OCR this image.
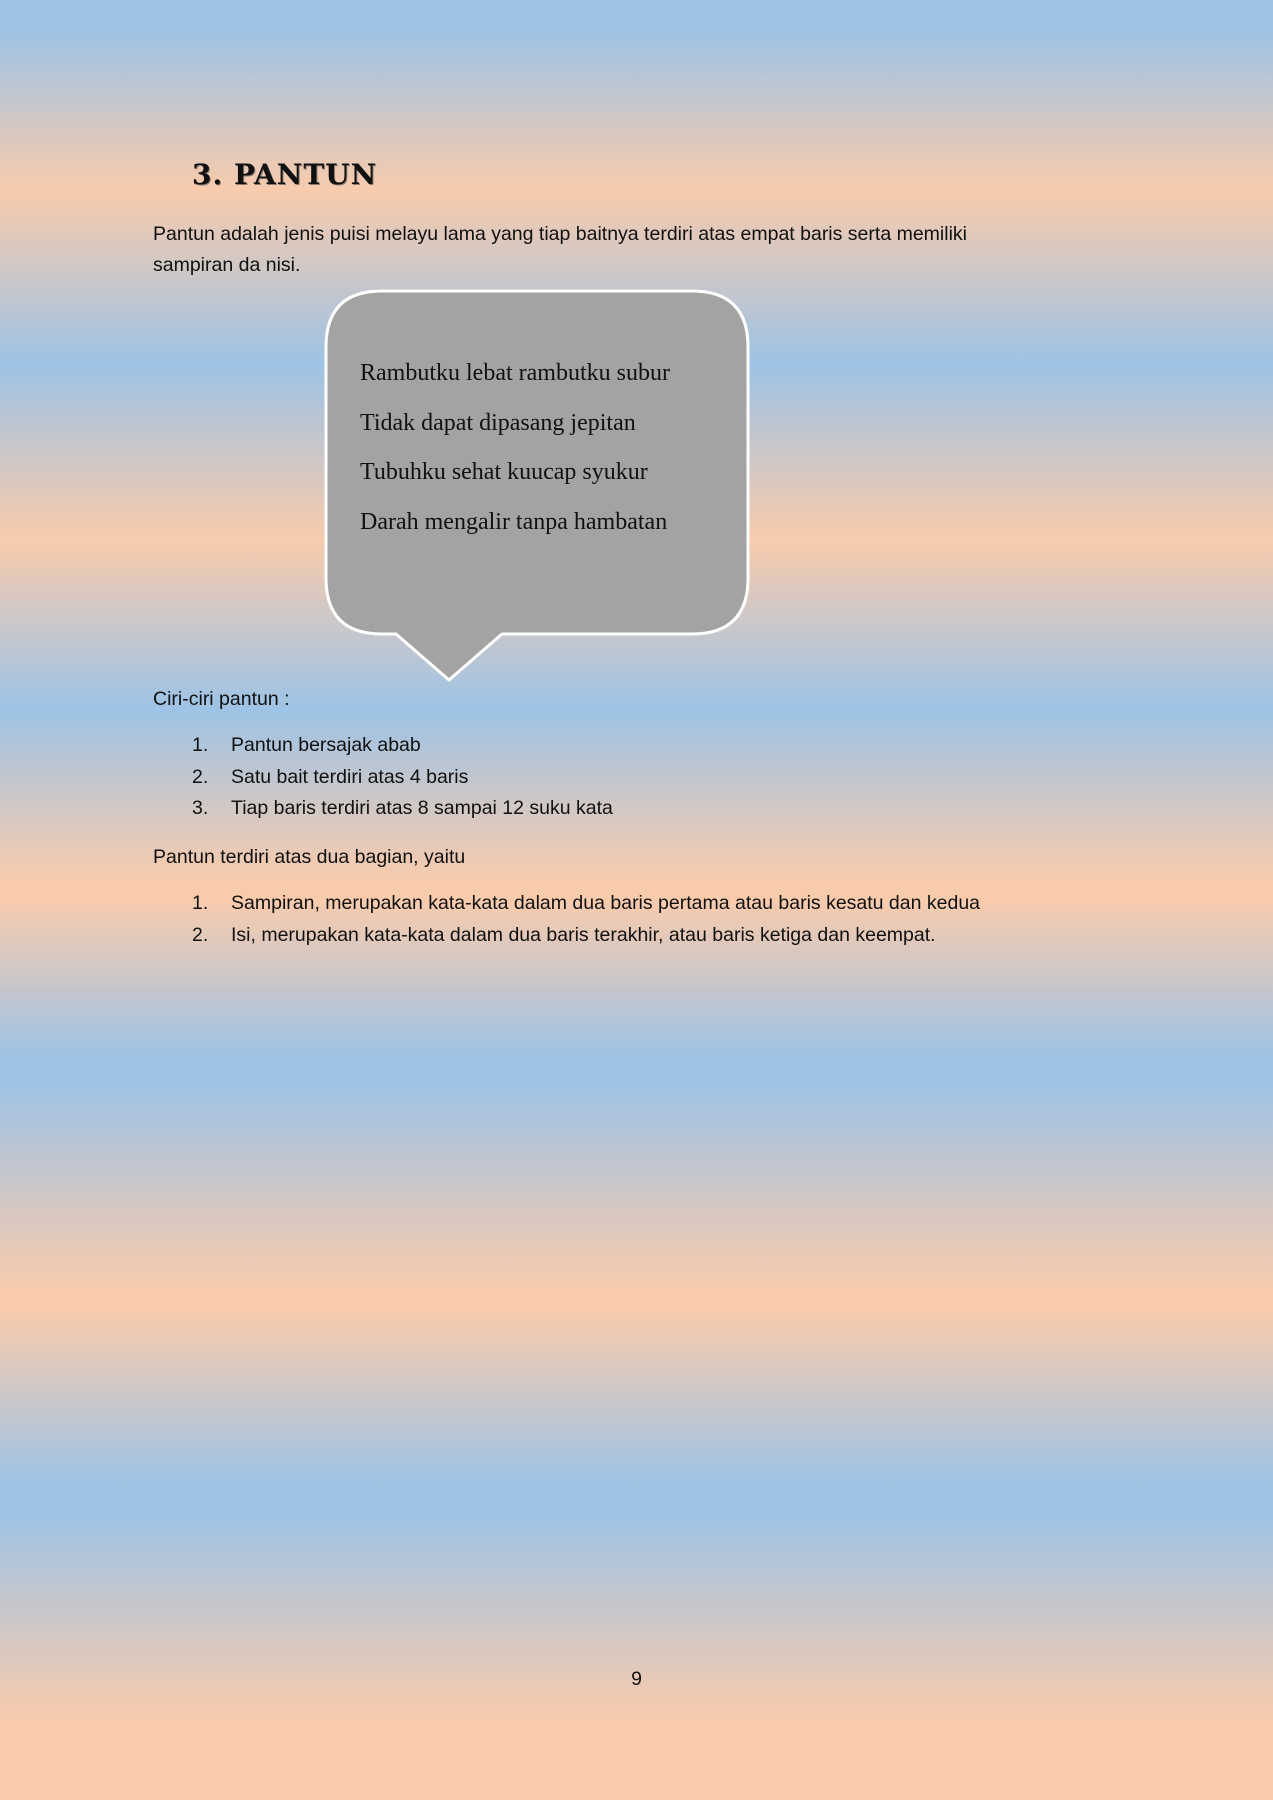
3. PANTUN
Pantun adalah jenis puisi melayu lama yang tiap baitnya terdiri atas empat baris serta memiliki
sampiran da nisi.
Rambutku lebat rambutku subur
Tidak dapat dipasang jepitan
Tubuhku sehat kuucap syukur
Darah mengalir tanpa hambatan
Ciri-ciri pantun :
1.	Pantun bersajak abab
2.	Satu bait terdiri atas 4 baris
3.	Tiap baris terdiri atas 8 sampai 12 suku kata
Pantun terdiri atas dua bagian, yaitu
1.	Sampiran, merupakan kata-kata dalam dua baris pertama atau baris kesatu dan kedua
2.	Isi, merupakan kata-kata dalam dua baris terakhir, atau baris ketiga dan keempat.
9
